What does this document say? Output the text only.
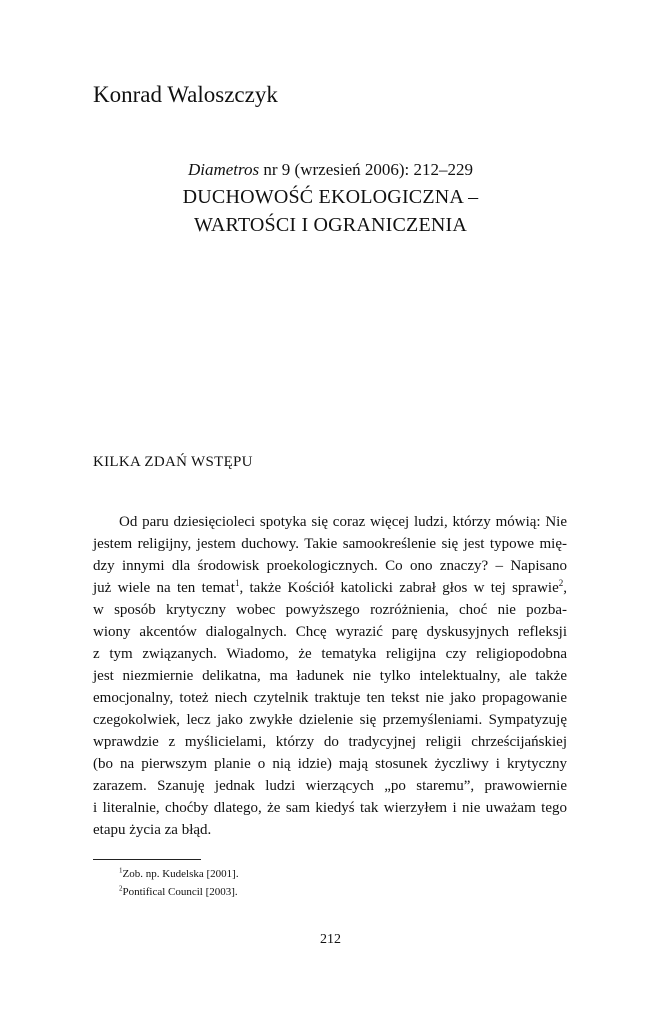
Konrad Waloszczyk
Diametros nr 9 (wrzesień 2006): 212–229
DUCHOWOŚĆ EKOLOGICZNA –
WARTOŚCI I OGRANICZENIA
KILKA ZDAŃ WSTĘPU
Od paru dziesięcioleci spotyka się coraz więcej ludzi, którzy mówią: Nie
jestem religijny, jestem duchowy. Takie samookreślenie się jest typowe mię-
dzy innymi dla środowisk proekologicznych. Co ono znaczy? – Napisano
już wiele na ten temat$^1$, także Kościół katolicki zabrał głos w tej sprawie$^2$,
w sposób krytyczny wobec powyższego rozróżnienia, choć nie pozba-
wiony akcentów dialogalnych. Chcę wyrazić parę dyskusyjnych refleksji
z tym związanych. Wiadomo, że tematyka religijna czy religiopodobna
jest niezmiernie delikatna, ma ładunek nie tylko intelektualny, ale także
emocjonalny, toteż niech czytelnik traktuje ten tekst nie jako propagowanie
czegokolwiek, lecz jako zwykłe dzielenie się przemyśleniami. Sympatyzuję
wprawdzie z myślicielami, którzy do tradycyjnej religii chrześcijańskiej
(bo na pierwszym planie o nią idzie) mają stosunek życzliwy i krytyczny
zarazem. Szanuję jednak ludzi wierzących „po staremu”, prawowiernie
i literalnie, choćby dlatego, że sam kiedyś tak wierzyłem i nie uważam tego
etapu życia za błąd.
$^1$Zob. np. Kudelska [2001].
$^2$Pontifical Council [2003].
212
